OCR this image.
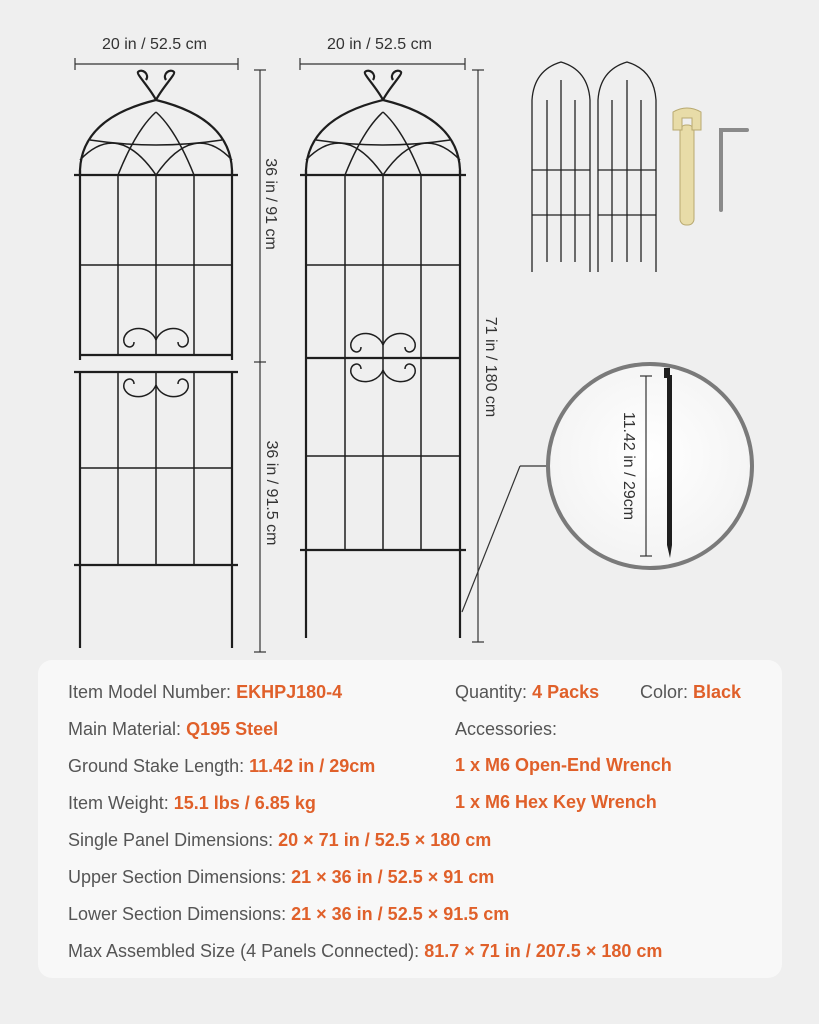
20 in / 52.5 cm	20 in / 52.5 cm
36 in / 91 cm
36 in / 91.5 cm
71 in / 180 cm
11.42 in / 29cm
Item Model Number: EKHPJ180-4
Main Material: Q195 Steel
Ground Stake Length: 11.42 in / 29cm
Item Weight: 15.1 lbs / 6.85 kg
Single Panel Dimensions: 20 × 71 in / 52.5 × 180 cm
Upper Section Dimensions: 21 × 36 in / 52.5 × 91 cm
Lower Section Dimensions: 21 × 36 in / 52.5 × 91.5 cm
Max Assembled Size (4 Panels Connected): 81.7 × 71 in / 207.5 × 180 cm
Quantity: 4 Packs Color: Black
Accessories:
1 x M6 Open-End Wrench
1 x M6 Hex Key Wrench
